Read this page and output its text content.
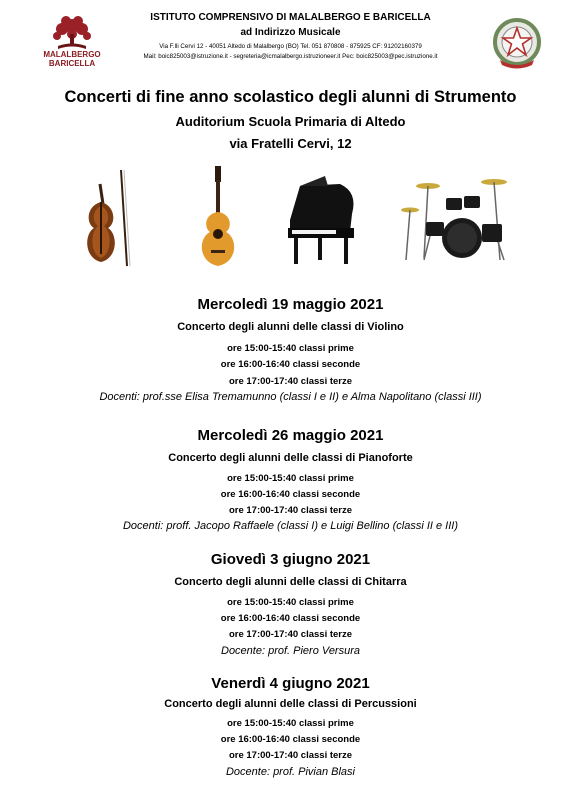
MALALBERGO
BARICELLA
ISTITUTO COMPRENSIVO DI MALALBERGO E BARICELLA
ad Indirizzo Musicale
Via F.lli Cervi 12 - 40051 Altedo di Malalbergo (BO) Tel. 051 870808 - 875925 CF: 91202160379
Mail: boic825003@istruzione.it - segreteria@icmalalbergo.istruzioneer.it Pec: boic825003@pec.istruzione.it
Concerti di fine anno scolastico degli alunni di Strumento
Auditorium Scuola Primaria di Altedo
via Fratelli Cervi, 12
Mercoledì 19 maggio 2021
Concerto degli alunni delle classi di Violino
ore 15:00-15:40 classi prime
ore 16:00-16:40 classi seconde
ore 17:00-17:40 classi terze
Docenti: prof.sse Elisa Tremamunno (classi I e II) e Alma Napolitano (classi III)
Mercoledì 26 maggio 2021
Concerto degli alunni delle classi di Pianoforte
ore 15:00-15:40 classi prime
ore 16:00-16:40 classi seconde
ore 17:00-17:40 classi terze
Docenti: proff. Jacopo Raffaele (classi I) e Luigi Bellino (classi II e III)
Giovedì 3 giugno 2021
Concerto degli alunni delle classi di Chitarra
ore 15:00-15:40 classi prime
ore 16:00-16:40 classi seconde
ore 17:00-17:40 classi terze
Docente: prof. Piero Versura
Venerdì 4 giugno 2021
Concerto degli alunni delle classi di Percussioni
ore 15:00-15:40 classi prime
ore 16:00-16:40 classi seconde
ore 17:00-17:40 classi terze
Docente: prof. Pivian Blasi
